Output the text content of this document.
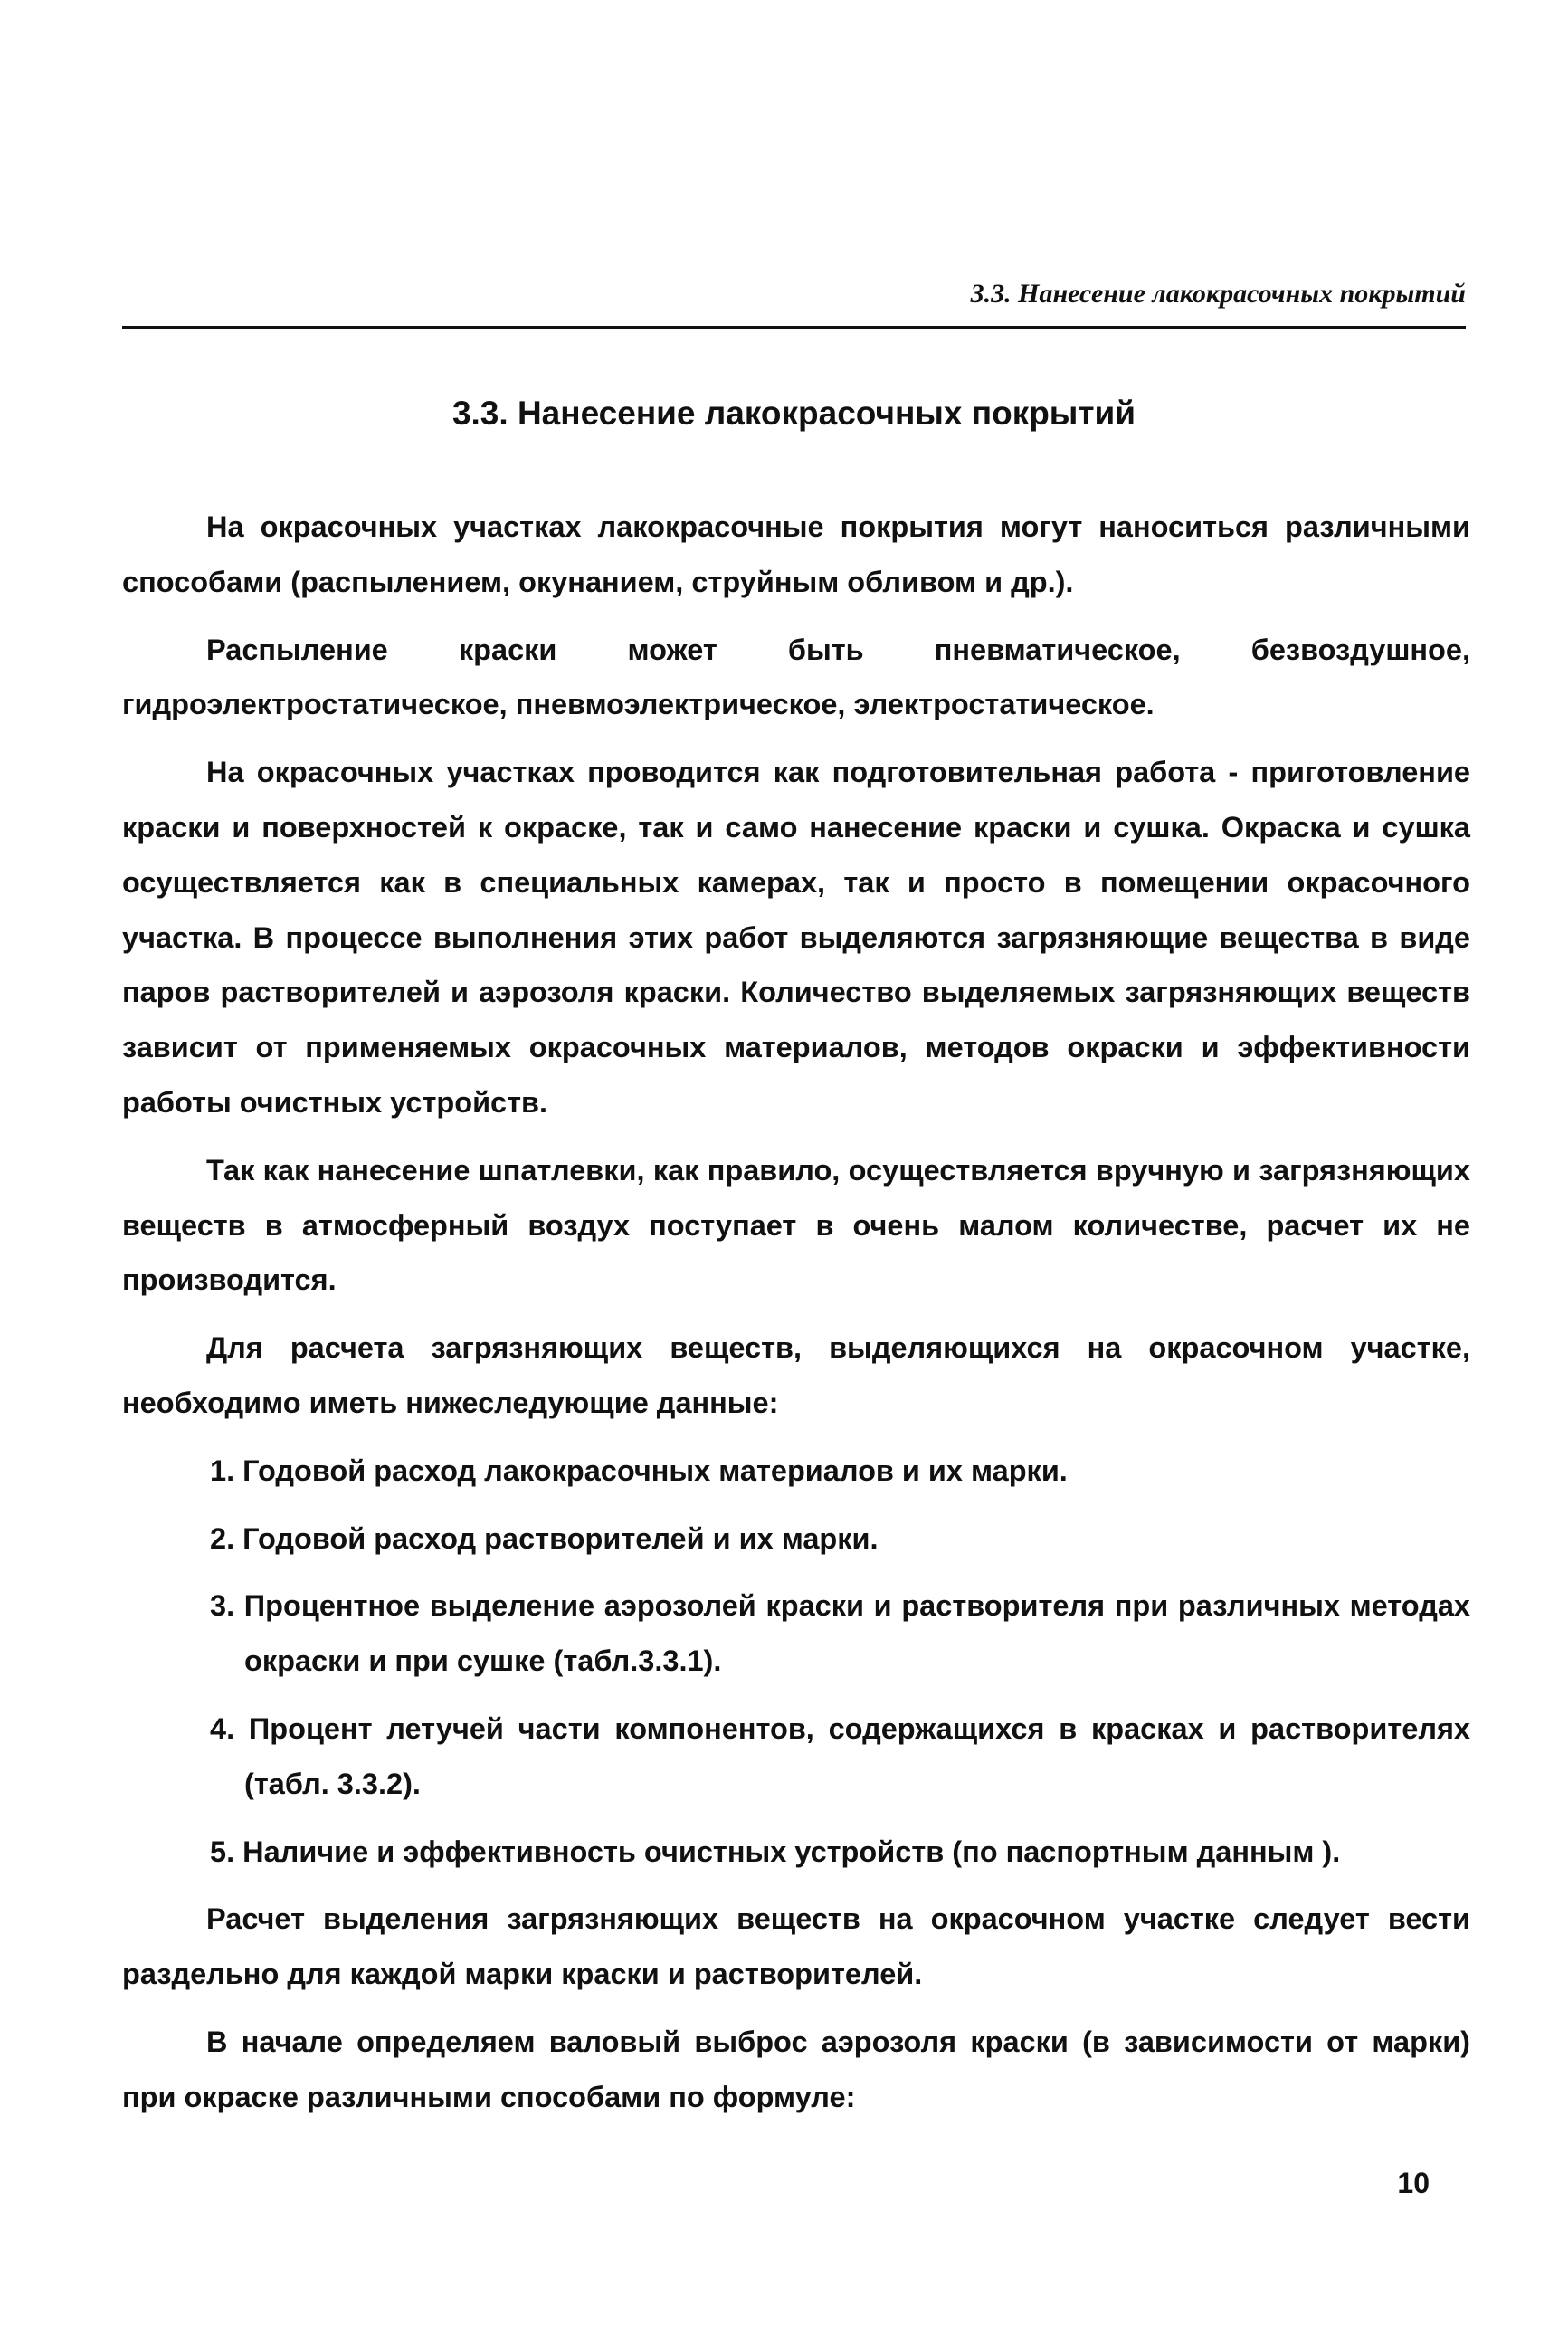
3.3. Нанесение лакокрасочных покрытий
3.3. Нанесение лакокрасочных покрытий

На окрасочных участках лакокрасочные покрытия могут наноситься различными способами (распылением, окунанием, струйным обливом и др.).

Распыление краски может быть пневматическое, безвоздушное, гидроэлектростатическое, пневмоэлектрическое, электростатическое.

На окрасочных участках проводится как подготовительная работа - приготовление краски и поверхностей к окраске, так и само нанесение краски и сушка. Окраска и сушка осуществляется как в специальных камерах, так и просто в помещении окрасочного участка. В процессе выполнения этих работ выделяются загрязняющие вещества в виде паров растворителей и аэрозоля краски. Количество выделяемых загрязняющих веществ зависит от применяемых окрасочных материалов, методов окраски и эффективности работы очистных устройств.

Так как нанесение шпатлевки, как правило, осуществляется вручную и загрязняющих веществ в атмосферный воздух поступает в очень малом количестве, расчет их не производится.

Для расчета загрязняющих веществ, выделяющихся на окрасочном участке, необходимо иметь нижеследующие данные:

1. Годовой расход лакокрасочных материалов и их марки.
2. Годовой расход растворителей и их марки.
3. Процентное выделение аэрозолей краски и растворителя при различных методах окраски и при сушке (табл.3.3.1).
4. Процент летучей части компонентов, содержащихся в красках и растворителях (табл. 3.3.2).
5. Наличие и эффективность очистных устройств (по паспортным данным ).

Расчет выделения загрязняющих веществ на окрасочном участке следует вести раздельно для каждой марки краски и растворителей.

В начале определяем валовый выброс аэрозоля краски (в зависимости от марки) при окраске различными способами по формуле:

10
